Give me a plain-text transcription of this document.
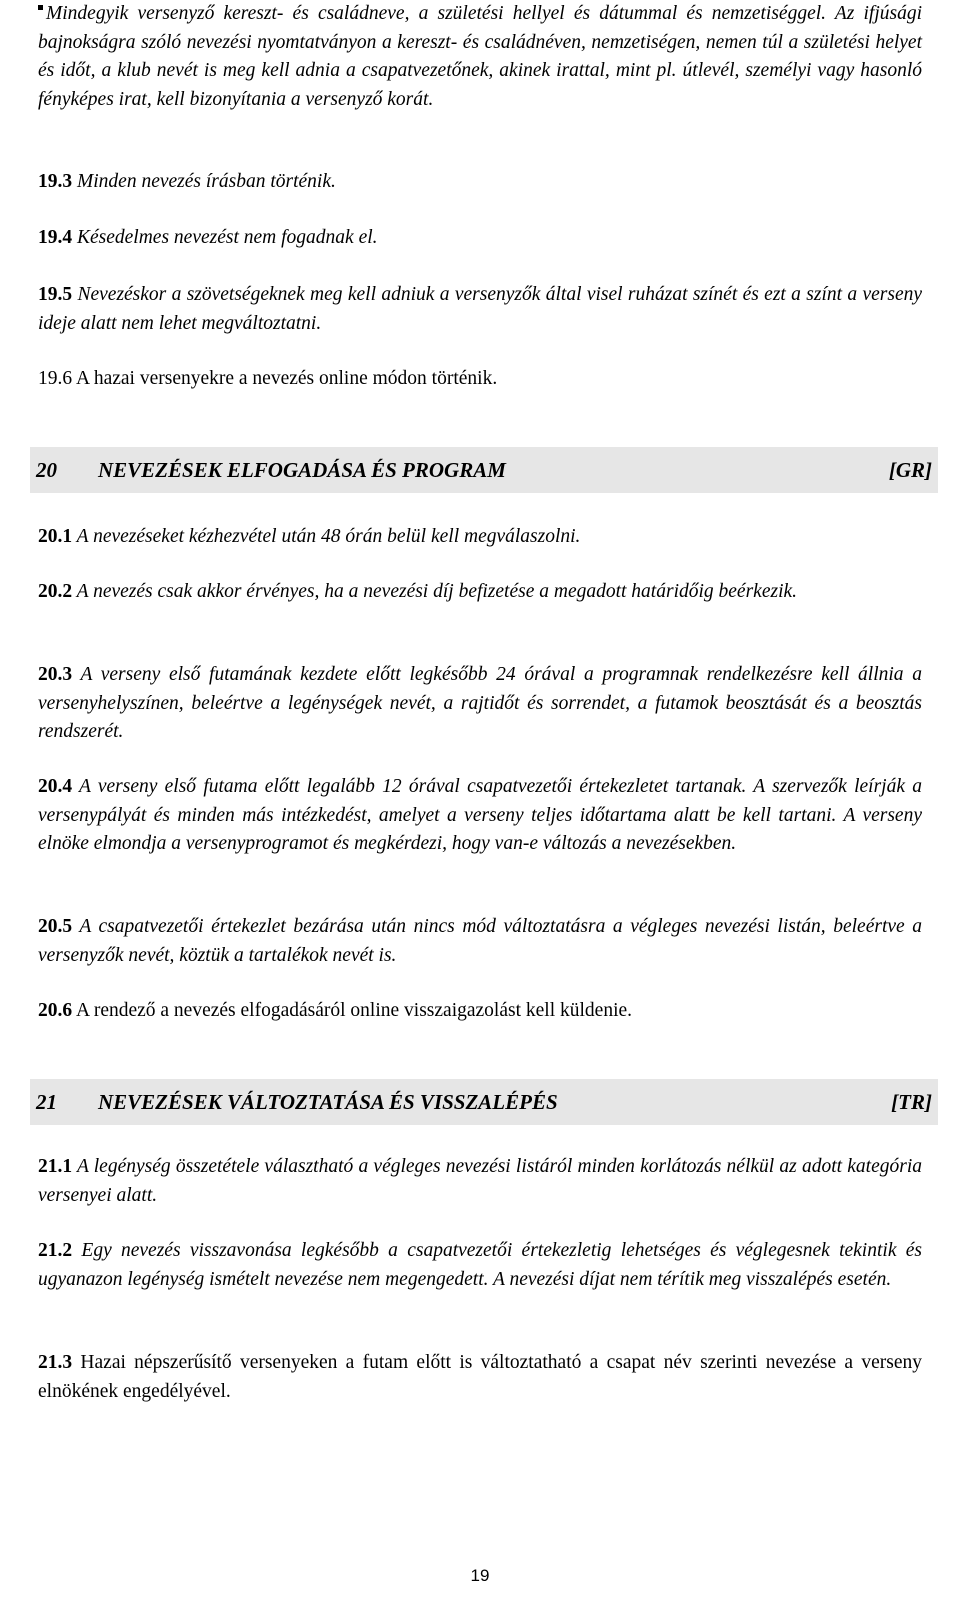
Mindegyik versenyző kereszt- és családneve, a születési hellyel és dátummal és nemzetiséggel. Az ifjúsági bajnokságra szóló nevezési nyomtatványon a kereszt- és családnéven, nemzetiségen, nemen túl a születési helyet és időt, a klub nevét is meg kell adnia a csapatvezetőnek, akinek irattal, mint pl. útlevél, személyi vagy hasonló fényképes irat, kell bizonyítania a versenyző korát.

19.3 Minden nevezés írásban történik.

19.4 Késedelmes nevezést nem fogadnak el.

19.5 Nevezéskor a szövetségeknek meg kell adniuk a versenyzők által visel ruházat színét és ezt a színt a verseny ideje alatt nem lehet megváltoztatni.

19.6 A hazai versenyekre a nevezés online módon történik.

20 NEVEZÉSEK ELFOGADÁSA ÉS PROGRAM	[GR]

20.1 A nevezéseket kézhezvétel után 48 órán belül kell megválaszolni.

20.2 A nevezés csak akkor érvényes, ha a nevezési díj befizetése a megadott határidőig beérkezik.

20.3 A verseny első futamának kezdete előtt legkésőbb 24 órával a programnak rendelkezésre kell állnia a versenyhelyszínen, beleértve a legénységek nevét, a rajtidőt és sorrendet, a futamok beosztását és a beosztás rendszerét.

20.4 A verseny első futama előtt legalább 12 órával csapatvezetői értekezletet tartanak. A szervezők leírják a versenypályát és minden más intézkedést, amelyet a verseny teljes időtartama alatt be kell tartani. A verseny elnöke elmondja a versenyprogramot és megkérdezi, hogy van-e változás a nevezésekben.

20.5 A csapatvezetői értekezlet bezárása után nincs mód változtatásra a végleges nevezési listán, beleértve a versenyzők nevét, köztük a tartalékok nevét is.

20.6 A rendező a nevezés elfogadásáról online visszaigazolást kell küldenie.

21 NEVEZÉSEK VÁLTOZTATÁSA ÉS VISSZALÉPÉS	[TR]

21.1 A legénység összetétele választható a végleges nevezési listáról minden korlátozás nélkül az adott kategória versenyei alatt.

21.2 Egy nevezés visszavonása legkésőbb a csapatvezetői értekezletig lehetséges és véglegesnek tekintik és ugyanazon legénység ismételt nevezése nem megengedett. A nevezési díjat nem térítik meg visszalépés esetén.

21.3 Hazai népszerűsítő versenyeken a futam előtt is változtatható a csapat név szerinti nevezése a verseny elnökének engedélyével.

19
